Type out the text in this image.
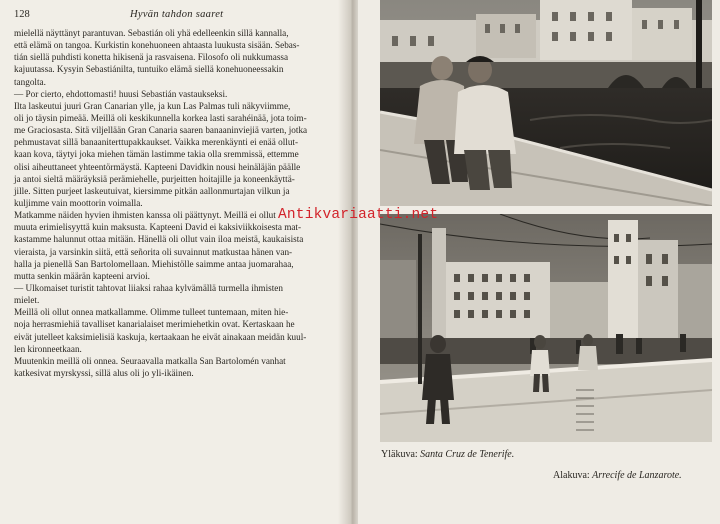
128	Hyvän tahdon saaret
mielellä näyttänyt parantuvan. Sebastián oli yhä edelleenkin sillä kannalla,
että elämä on tangoa. Kurkistin konehuoneen ahtaasta luukusta sisään. Sebas-
tián siellä puhdisti konetta hikisenä ja rasvaisena. Filosofo oli nukkumassa
kajuutassa. Kysyin Sebastiánilta, tuntuiko elämä siellä konehuoneessakin
tangolta.
— Por cierto, ehdottomasti! huusi Sebastián vastaukseksi.
Ilta laskeutui juuri Gran Canarian ylle, ja kun Las Palmas tuli näkyviimme,
oli jo täysin pimeää. Meillä oli keskikunnella korkea lasti sarahéinää, jota toim-
me Graciosasta. Sitä viljellään Gran Canaria saaren banaaninviejiä varten, jotka
pehmustavat sillä banaaniterttupakkaukset. Vaikka merenkäynti ei enää ollut-
kaan kova, täytyi joka miehen tämän lastimme takia olla sremmissä, ettemme
olisi aiheuttaneet yhteentörmäystä. Kapteeni Davidkin nousi heinäläjän päälle
ja antoi sieltä määräyksiä perämiehelle, purjeitten hoitajille ja koneenkäyttä-
jille. Sitten purjeet laskeutuivat, kiersimme pitkän aallonmurtajan vilkun ja
kuljimme vain moottorin voimalla.
Matkamme näiden hyvien ihmisten kanssa oli päättynyt. Meillä ei ollut
muuta erimielisyyttä kuin maksusta. Kapteeni David ei kaksiviikkoisesta mat-
kastamme halunnut ottaa mitään. Hänellä oli ollut vain iloa meistä, kaukaisista
vieraista, ja varsinkin siitä, että señorita oli suvainnut matkustaa hänen van-
halla ja pienellä San Bartolomellaan. Miehistölle saimme antaa juomarahaa,
mutta senkin määrän kapteeni arvioi.
— Ulkomaiset turistit tahtovat liiaksi rahaa kylvämällä turmella ihmisten
mielet.
Meillä oli ollut onnea matkallamme. Olimme tulleet tuntemaan, miten hie-
noja herrasmiehiä tavalliset kanarialaiset merimiehetkin ovat. Kertaskaan he
eivät jutelleet kaksimielisiä kaskuja, kertaakaan he eivät ainakaan meidän kuul-
len kironneetkaan.
Muutenkin meillä oli onnea. Seuraavalla matkalla San Bartolomén vanhat
katkesivat myrskyssi, sillä alus oli jo yli-ikäinen.
Yläkuva: Santa Cruz de Tenerife.
Alakuva: Arrecife de Lanzarote.
Antikvariaatti.net
